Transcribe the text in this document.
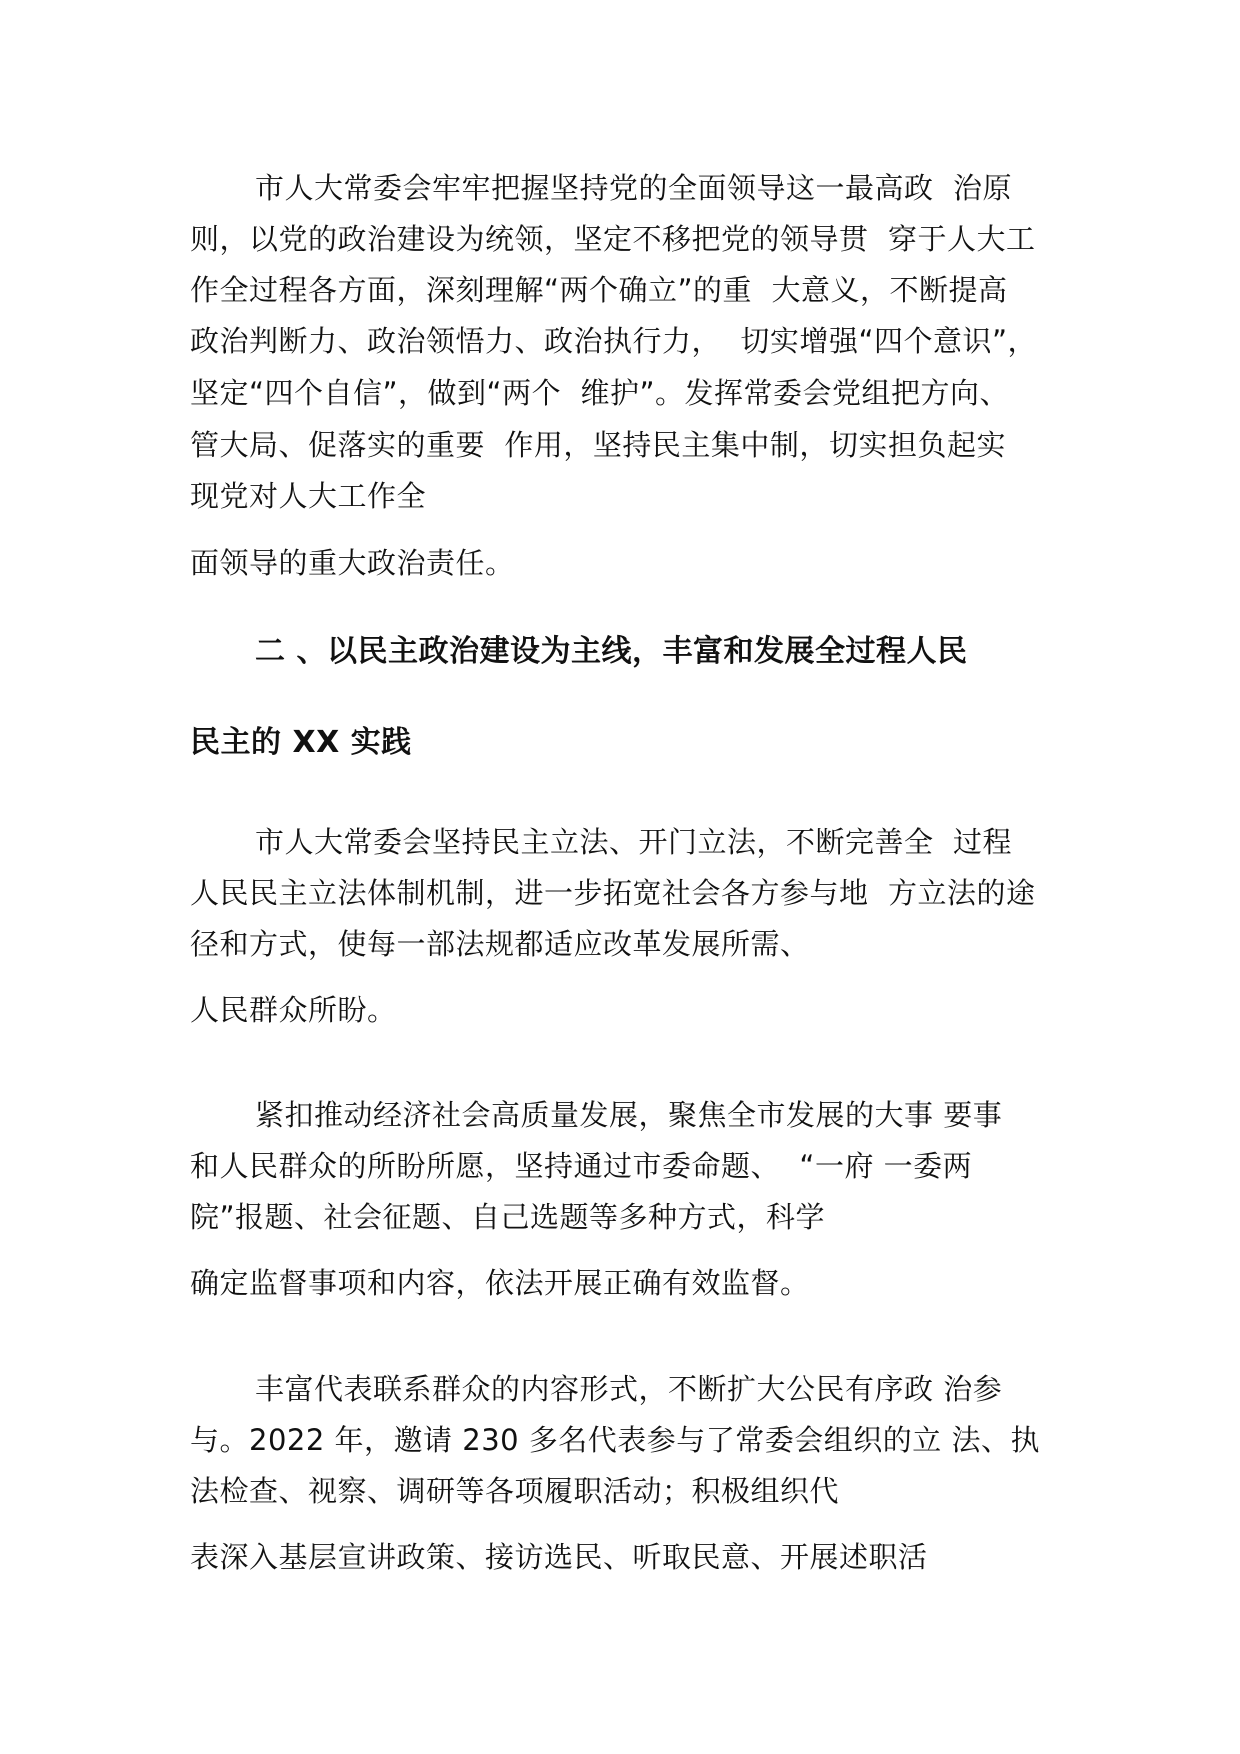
市人大常委会牢牢把握坚持党的全面领导这一最高政  治原

则，以党的政治建设为统领，坚定不移把党的领导贯  穿于人大工

作全过程各方面，深刻理解“两个确立”的重  大意义，不断提高

政治判断力、政治领悟力、政治执行力，  切实增强“四个意识”，

坚定“四个自信”，做到“两个  维护”。发挥常委会党组把方向、

管大局、促落实的重要  作用，坚持民主集中制，切实担负起实

现党对人大工作全

面领导的重大政治责任。

二 、以民主政治建设为主线，丰富和发展全过程人民

民主的 XX 实践

市人大常委会坚持民主立法、开门立法，不断完善全  过程

人民民主立法体制机制，进一步拓宽社会各方参与地  方立法的途

径和方式，使每一部法规都适应改革发展所需、

人民群众所盼。

紧扣推动经济社会高质量发展，聚焦全市发展的大事 要事

和人民群众的所盼所愿，坚持通过市委命题、  “一府 一委两

院”报题、社会征题、自己选题等多种方式，科学

确定监督事项和内容，依法开展正确有效监督。

丰富代表联系群众的内容形式，不断扩大公民有序政 治参

与。2022 年，邀请 230 多名代表参与了常委会组织的立 法、执

法检查、视察、调研等各项履职活动；积极组织代

表深入基层宣讲政策、接访选民、听取民意、开展述职活
